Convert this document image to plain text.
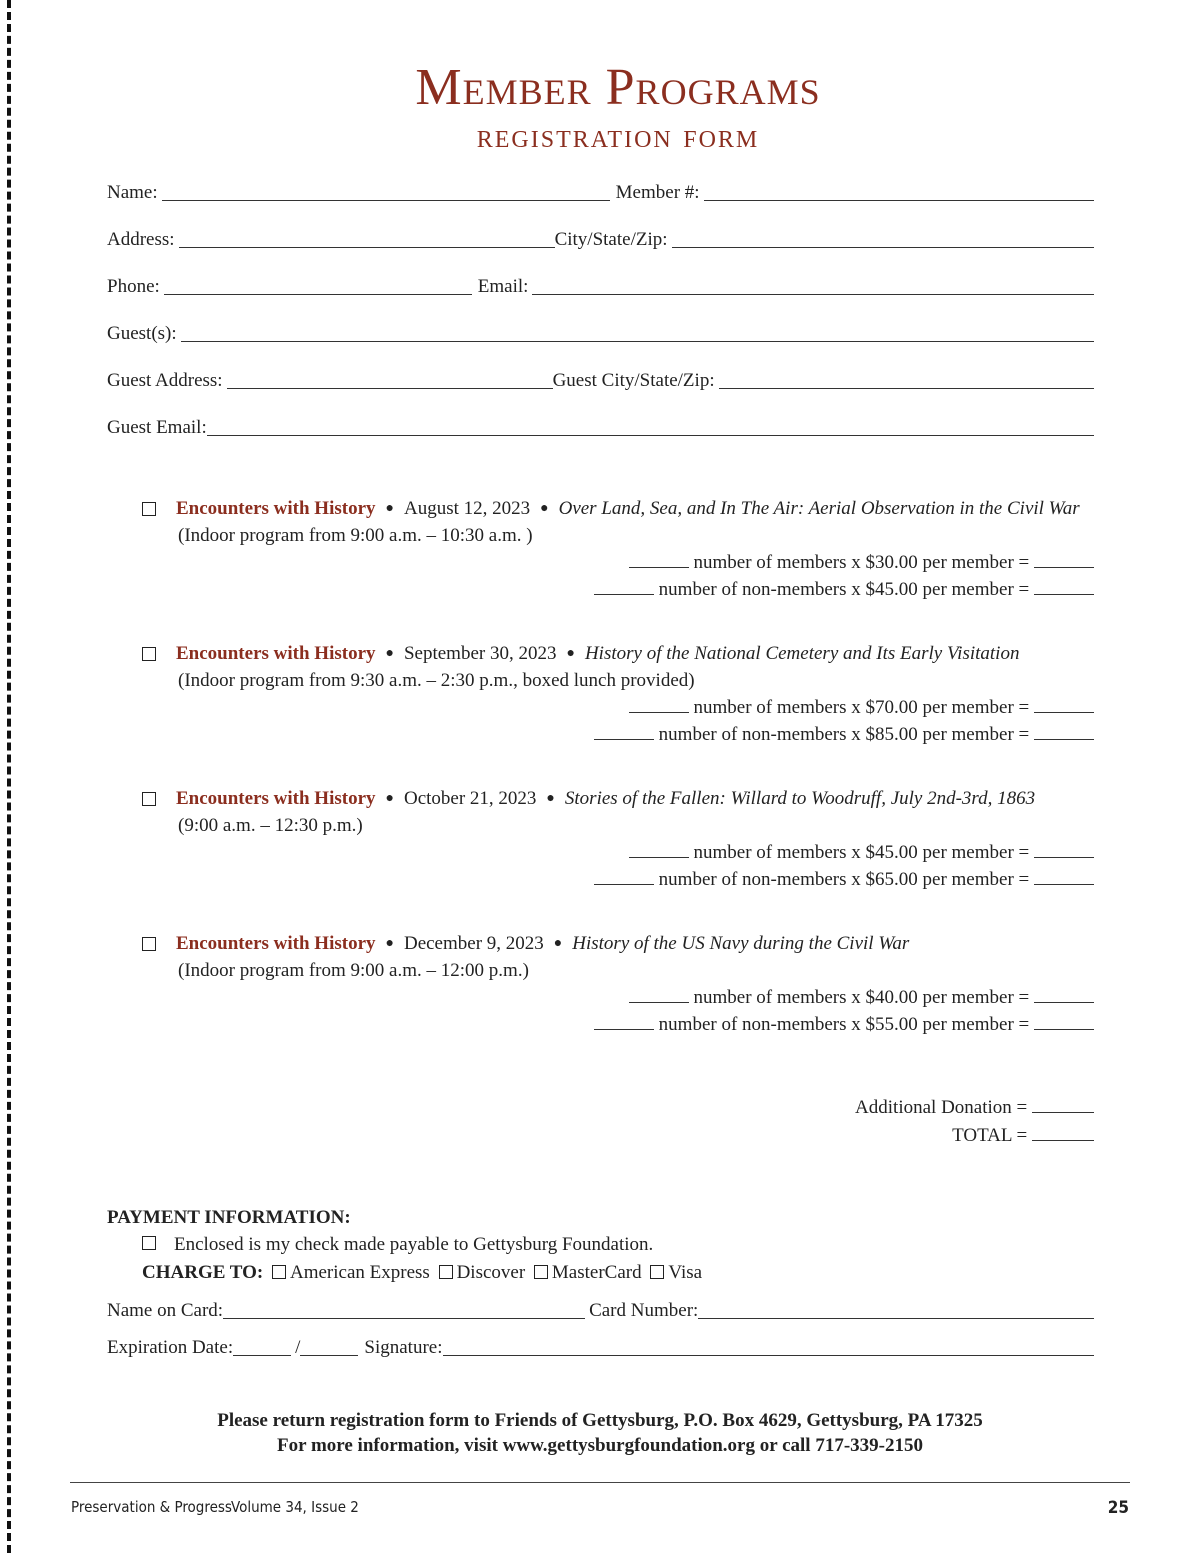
Member Programs
registration form
Name:	Member #:
Address:	City/State/Zip:
Phone:	Email:
Guest(s):
Guest Address:	Guest City/State/Zip:
Guest Email:
Encounters with History ● August 12, 2023 ● Over Land, Sea, and In The Air: Aerial Observation in the Civil War
(Indoor program from 9:00 a.m. – 10:30 a.m. )
number of members x $30.00 per member =
number of non-members x $45.00 per member =
Encounters with History ● September 30, 2023 ● History of the National Cemetery and Its Early Visitation
(Indoor program from 9:30 a.m. – 2:30 p.m., boxed lunch provided)
number of members x $70.00 per member =
number of non-members x $85.00 per member =
Encounters with History ● October 21, 2023 ● Stories of the Fallen: Willard to Woodruff, July 2nd-3rd, 1863
(9:00 a.m. – 12:30 p.m.)
number of members x $45.00 per member =
number of non-members x $65.00 per member =
Encounters with History ● December 9, 2023 ● History of the US Navy during the Civil War
(Indoor program from 9:00 a.m. – 12:00 p.m.)
number of members x $40.00 per member =
number of non-members x $55.00 per member =
Additional Donation =
TOTAL =
PAYMENT INFORMATION:
Enclosed is my check made payable to Gettysburg Foundation.
CHARGE TO: American Express Discover MasterCard Visa
Name on Card:	Card Number:
Expiration Date:	/	Signature:
Please return registration form to Friends of Gettysburg, P.O. Box 4629, Gettysburg, PA 17325
For more information, visit www.gettysburgfoundation.org or call 717-339-2150
Preservation & Progress Volume 34, Issue 2	25
